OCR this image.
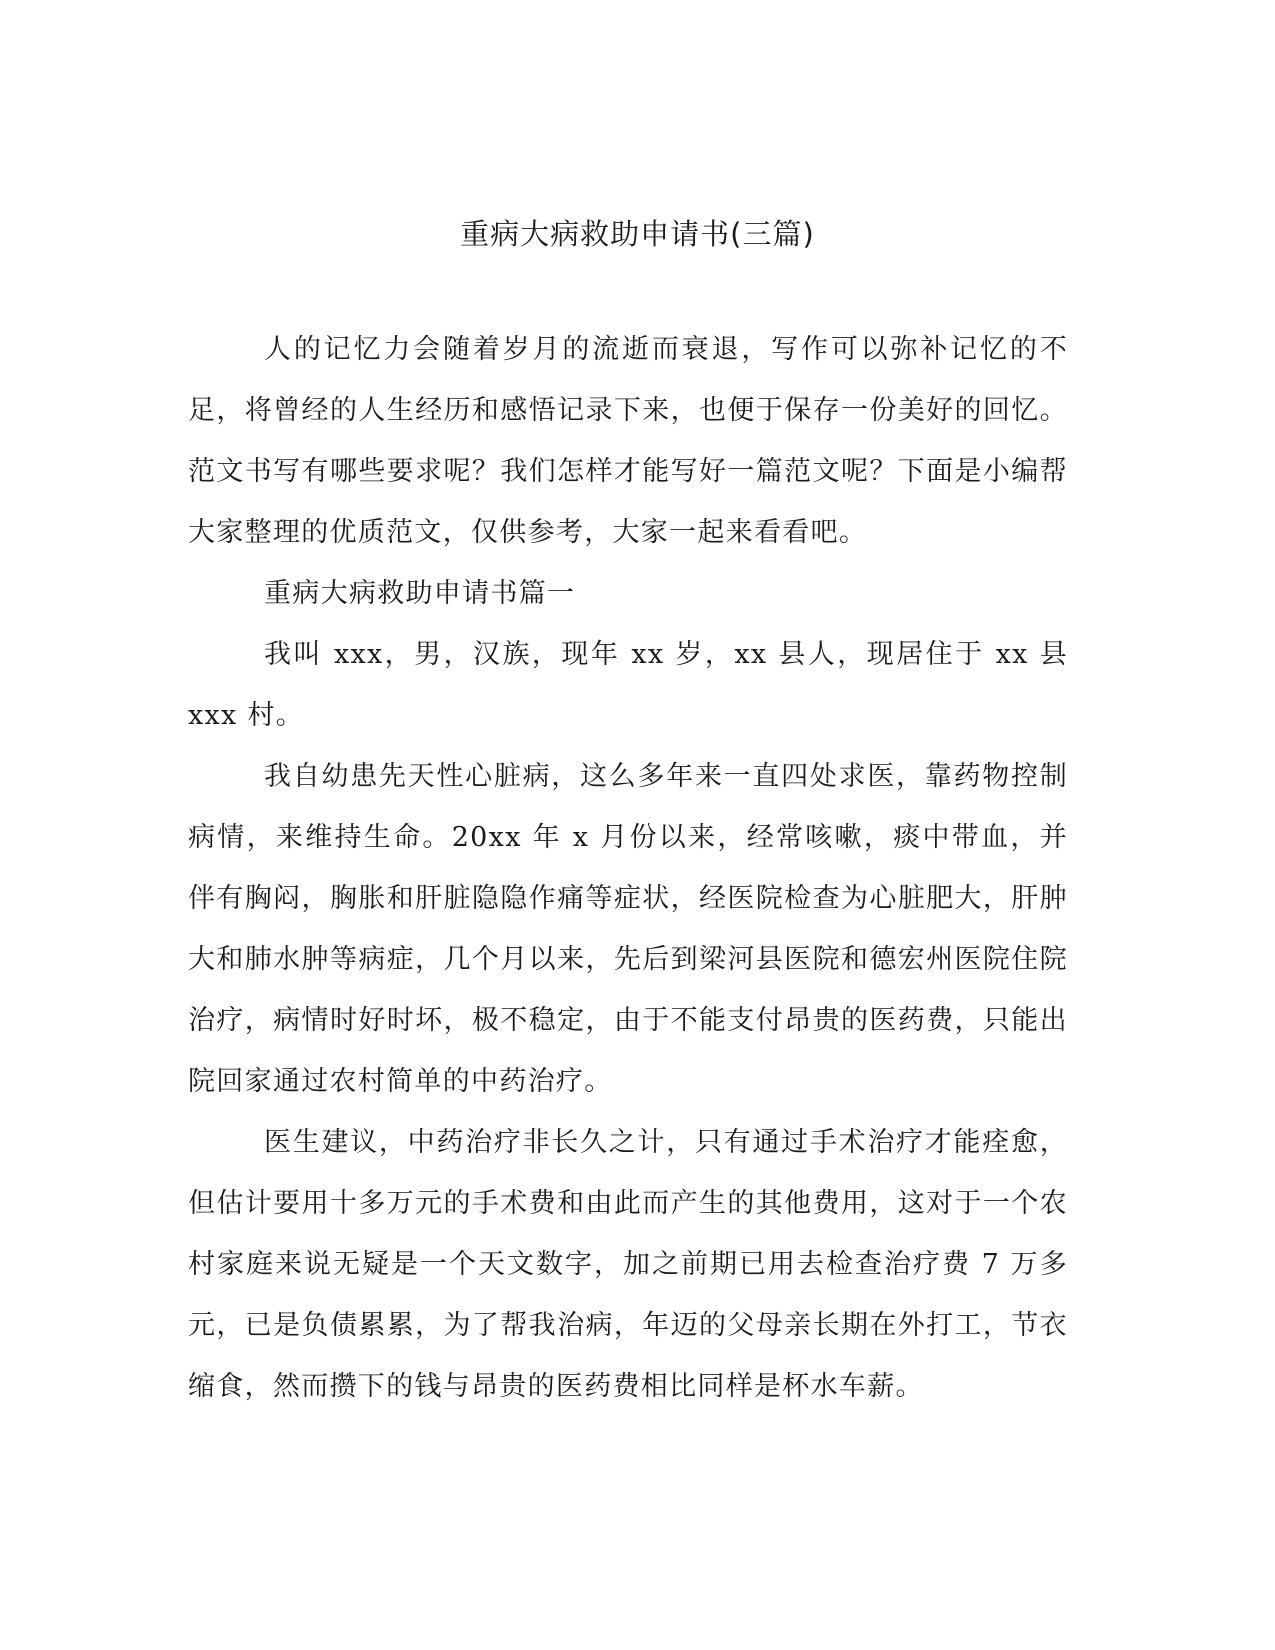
重病大病救助申请书(三篇)

人的记忆力会随着岁月的流逝而衰退，写作可以弥补记忆的不足，将曾经的人生经历和感悟记录下来，也便于保存一份美好的回忆。范文书写有哪些要求呢？我们怎样才能写好一篇范文呢？下面是小编帮大家整理的优质范文，仅供参考，大家一起来看看吧。

重病大病救助申请书篇一

我叫 xxx，男，汉族，现年 xx 岁，xx 县人，现居住于 xx 县 xxx 村。

我自幼患先天性心脏病，这么多年来一直四处求医，靠药物控制病情，来维持生命。20xx 年 x 月份以来，经常咳嗽，痰中带血，并伴有胸闷，胸胀和肝脏隐隐作痛等症状，经医院检查为心脏肥大，肝肿大和肺水肿等病症，几个月以来，先后到梁河县医院和德宏州医院住院治疗，病情时好时坏，极不稳定，由于不能支付昂贵的医药费，只能出院回家通过农村简单的中药治疗。

医生建议，中药治疗非长久之计，只有通过手术治疗才能痊愈，但估计要用十多万元的手术费和由此而产生的其他费用，这对于一个农村家庭来说无疑是一个天文数字，加之前期已用去检查治疗费 7 万多元，已是负债累累，为了帮我治病，年迈的父母亲长期在外打工，节衣缩食，然而攒下的钱与昂贵的医药费相比同样是杯水车薪。
